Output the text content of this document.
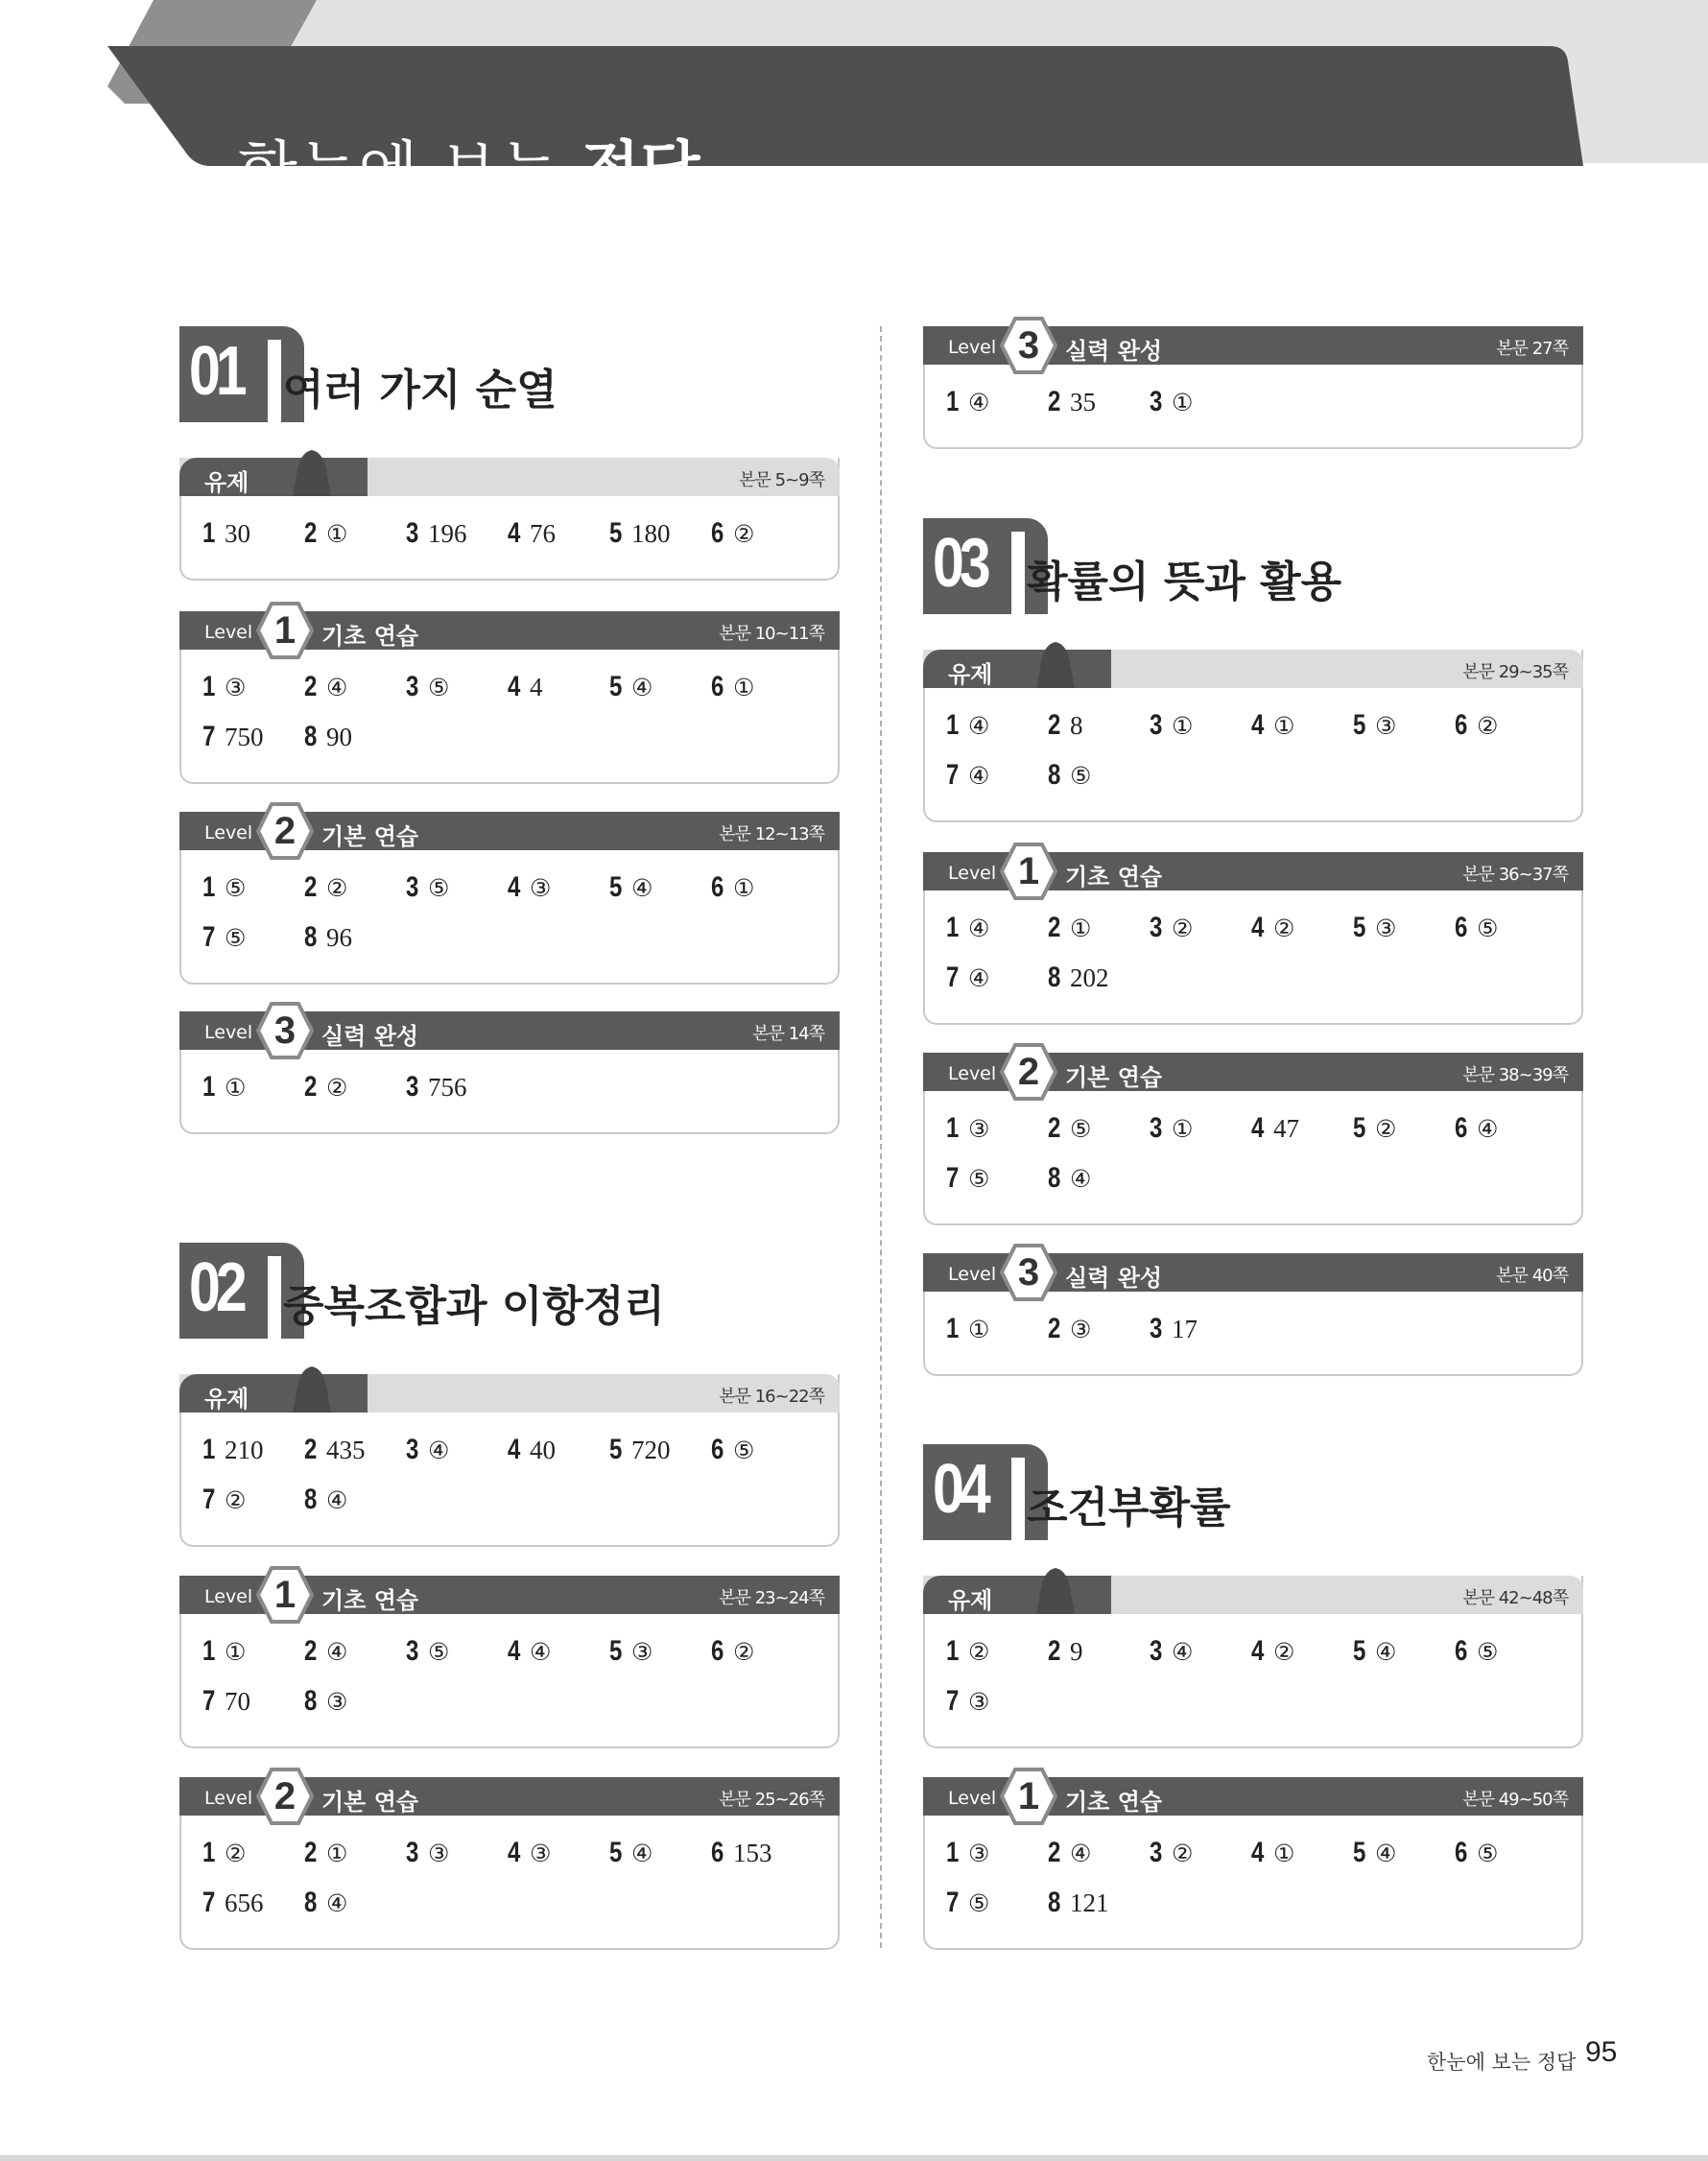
한눈에 보는 정답
01 여러 가지 순열
유제	본문 5~9쪽
1 30 2 ① 3 196 4 76 5 180 6 ②
Level 1	기초 연습	본문 10~11쪽
1 ③ 2 ④ 3 ⑤ 4 4 5 ④ 6 ①
7 750 8 90
Level 2	기본 연습	본문 12~13쪽
1 ⑤ 2 ② 3 ⑤ 4 ③ 5 ④ 6 ①
7 ⑤ 8 96
Level 3	실력 완성	본문 14쪽
1 ① 2 ② 3 756
02 중복조합과 이항정리
유제	본문 16~22쪽
1 210 2 435 3 ④ 4 40 5 720 6 ⑤
7 ② 8 ④
Level 1	기초 연습	본문 23~24쪽
1 ① 2 ④ 3 ⑤ 4 ④ 5 ③ 6 ②
7 70 8 ③
Level 2	기본 연습	본문 25~26쪽
1 ② 2 ① 3 ③ 4 ③ 5 ④ 6 153
7 656 8 ④
Level 3	실력 완성	본문 27쪽
1 ④ 2 35 3 ①
03 확률의 뜻과 활용
유제	본문 29~35쪽
1 ④ 2 8 3 ① 4 ① 5 ③ 6 ②
7 ④ 8 ⑤
Level 1	기초 연습	본문 36~37쪽
1 ④ 2 ① 3 ② 4 ② 5 ③ 6 ⑤
7 ④ 8 202
Level 2	기본 연습	본문 38~39쪽
1 ③ 2 ⑤ 3 ① 4 47 5 ② 6 ④
7 ⑤ 8 ④
Level 3	실력 완성	본문 40쪽
1 ① 2 ③ 3 17
04 조건부확률
유제	본문 42~48쪽
1 ② 2 9 3 ④ 4 ② 5 ④ 6 ⑤
7 ③
Level 1	기초 연습	본문 49~50쪽
1 ③ 2 ④ 3 ② 4 ① 5 ④ 6 ⑤
7 ⑤ 8 121
한눈에 보는 정답 95
